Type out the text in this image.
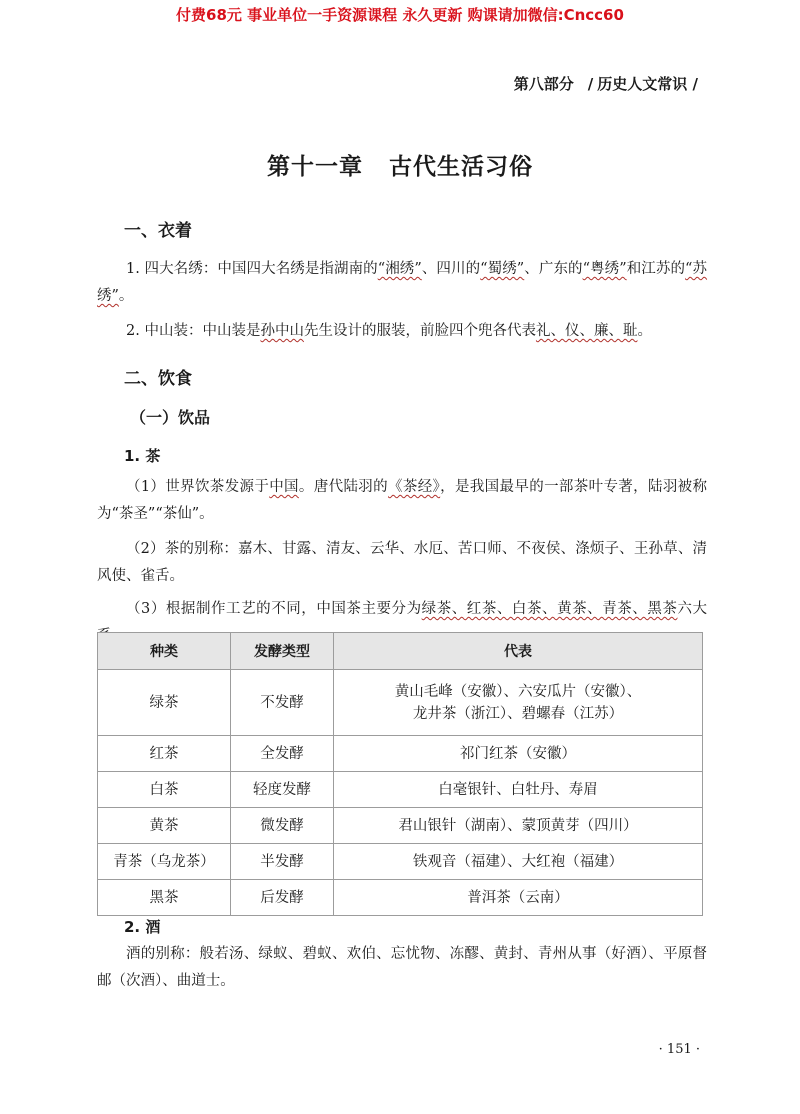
付费68元 事业单位一手资源课程 永久更新 购课请加微信:Cncc60
第八部分 / 历史人文常识 /
第十一章 古代生活习俗
一、衣着
1. 四大名绣：中国四大名绣是指湖南的“湘绣”、四川的“蜀绣”、广东的“粤绣”和江苏的“苏绣”。
2. 中山装：中山装是孙中山先生设计的服装，前脸四个兜各代表礼、仪、廉、耻。
二、饮食
（一）饮品
1. 茶
（1）世界饮茶发源于中国。唐代陆羽的《茶经》，是我国最早的一部茶叶专著，陆羽被称为“茶圣”“茶仙”。
（2）茶的别称：嘉木、甘露、清友、云华、水厄、苦口师、不夜侯、涤烦子、王孙草、清风使、雀舌。
（3）根据制作工艺的不同，中国茶主要分为绿茶、红茶、白茶、黄茶、青茶、黑茶六大
种类	发酵类型	代表
绿茶	不发酵	黄山毛峰（安徽）、六安瓜片（安徽）、
龙井茶（浙江）、碧螺春（江苏）

红茶	全发酵	祁门红茶（安徽）
白茶	轻度发酵	白毫银针、白牡丹、寿眉
黄茶	微发酵	君山银针（湖南）、蒙顶黄芽（四川）
青茶（乌龙茶）	半发酵	铁观音（福建）、大红袍（福建）
黑茶	后发酵	普洱茶（云南）
2. 酒
酒的别称：般若汤、绿蚁、碧蚁、欢伯、忘忧物、冻醪、黄封、青州从事（好酒）、平原督邮（次酒）、曲道士。
· 151 ·
